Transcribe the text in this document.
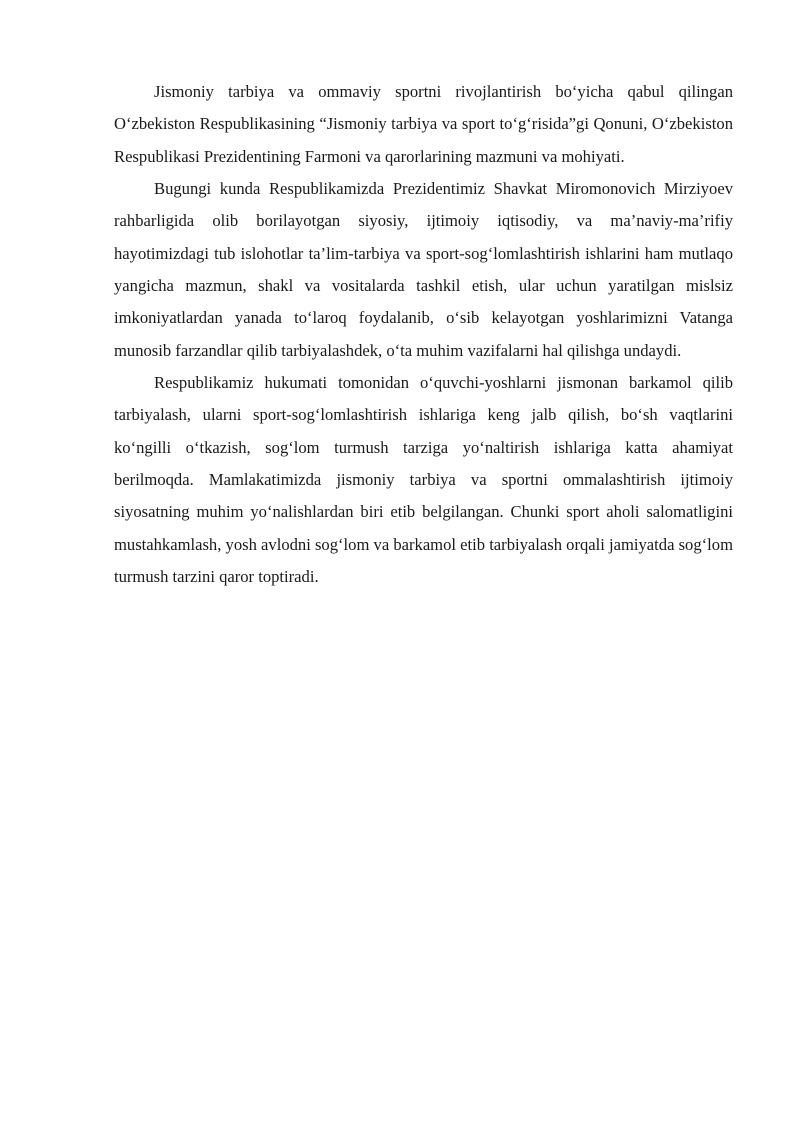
Jismoniy tarbiya va ommaviy sportni rivojlantirish bo‘yicha qabul qilingan O‘zbekiston Respublikasining “Jismoniy tarbiya va sport to‘g‘risida”gi Qonuni, O‘zbekiston Respublikasi Prezidentining Farmoni va qarorlarining mazmuni va mohiyati.

Bugungi kunda Respublikamizda Prezidentimiz Shavkat Miromonovich Mirziyoev rahbarligida olib borilayotgan siyosiy, ijtimoiy iqtisodiy, va ma’naviy-ma’rifiy hayotimizdagi tub islohotlar ta’lim-tarbiya va sport-sog‘lomlashtirish ishlarini ham mutlaqo yangicha mazmun, shakl va vositalarda tashkil etish, ular uchun yaratilgan mislsiz imkoniyatlardan yanada to‘laroq foydalanib, o‘sib kelayotgan yoshlarimizni Vatanga munosib farzandlar qilib tarbiyalashdek, o‘ta muhim vazifalarni hal qilishga undaydi.

Respublikamiz hukumati tomonidan o‘quvchi-yoshlarni jismonan barkamol qilib tarbiyalash, ularni sport-sog‘lomlashtirish ishlariga keng jalb qilish, bo‘sh vaqtlarini ko‘ngilli o‘tkazish, sog‘lom turmush tarziga yo‘naltirish ishlariga katta ahamiyat berilmoqda. Mamlakatimizda jismoniy tarbiya va sportni ommalashtirish ijtimoiy siyosatning muhim yo‘nalishlardan biri etib belgilangan. Chunki sport aholi salomatligini mustahkamlash, yosh avlodni sog‘lom va barkamol etib tarbiyalash orqali jamiyatda sog‘lom turmush tarzini qaror toptiradi.
